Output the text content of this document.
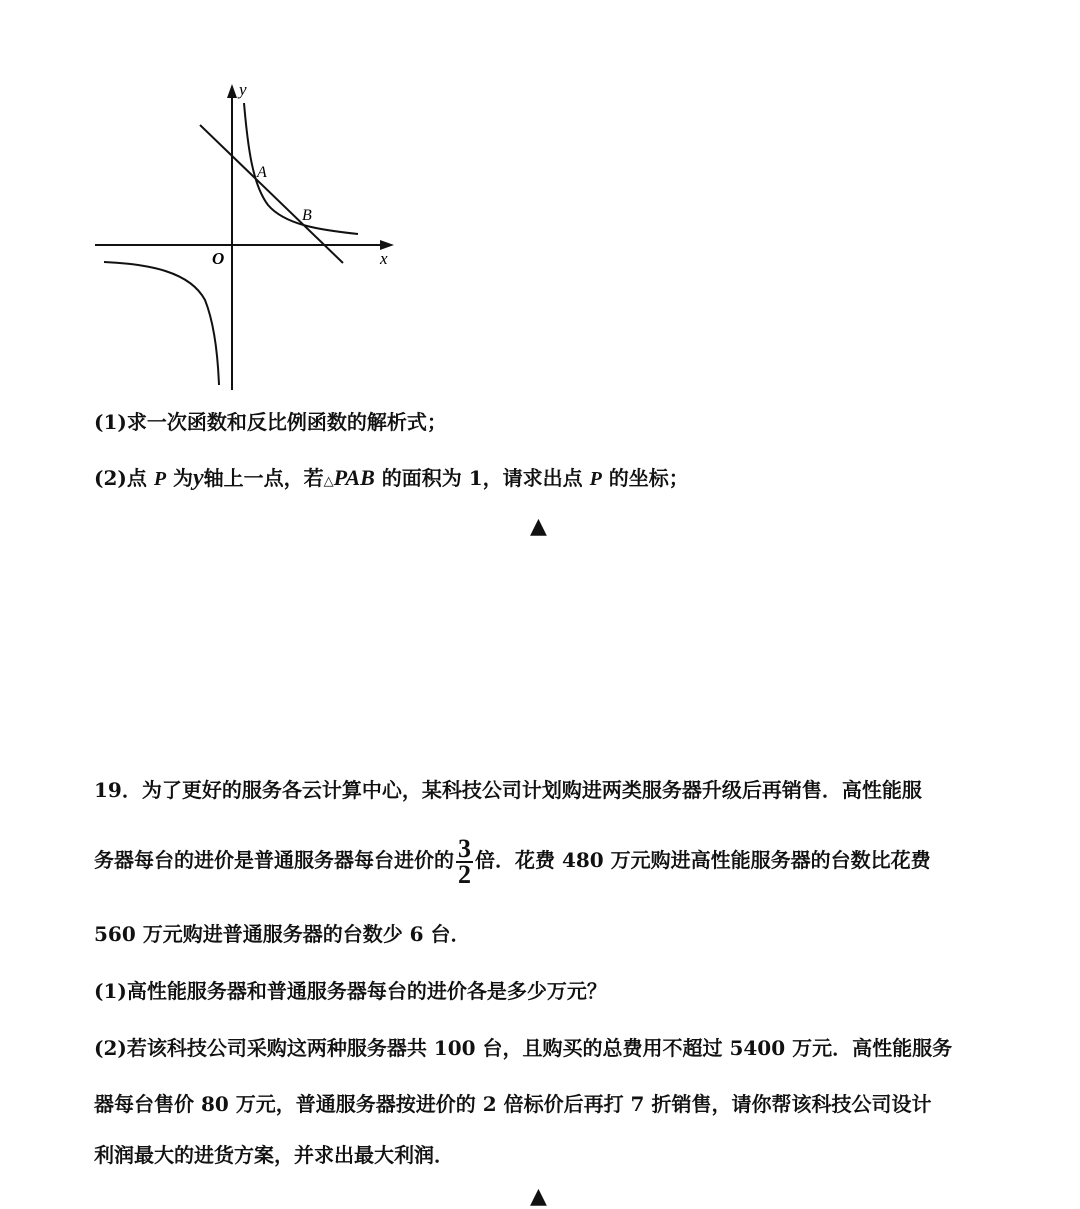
y
x
O
A
B
(1)求一次函数和反比例函数的解析式；
(2)点 P 为y轴上一点，若△PAB 的面积为 1，请求出点 P 的坐标；
▲
19．为了更好的服务各云计算中心，某科技公司计划购进两类服务器升级后再销售．高性能服
务器每台的进价是普通服务器每台进价的 $\frac{3}{2}$ 倍．花费 480 万元购进高性能服务器的台数比花费
560 万元购进普通服务器的台数少 6 台．
(1)高性能服务器和普通服务器每台的进价各是多少万元？
(2)若该科技公司采购这两种服务器共 100 台，且购买的总费用不超过 5400 万元．高性能服务
器每台售价 80 万元，普通服务器按进价的 2 倍标价后再打 7 折销售，请你帮该科技公司设计
利润最大的进货方案，并求出最大利润．
▲
